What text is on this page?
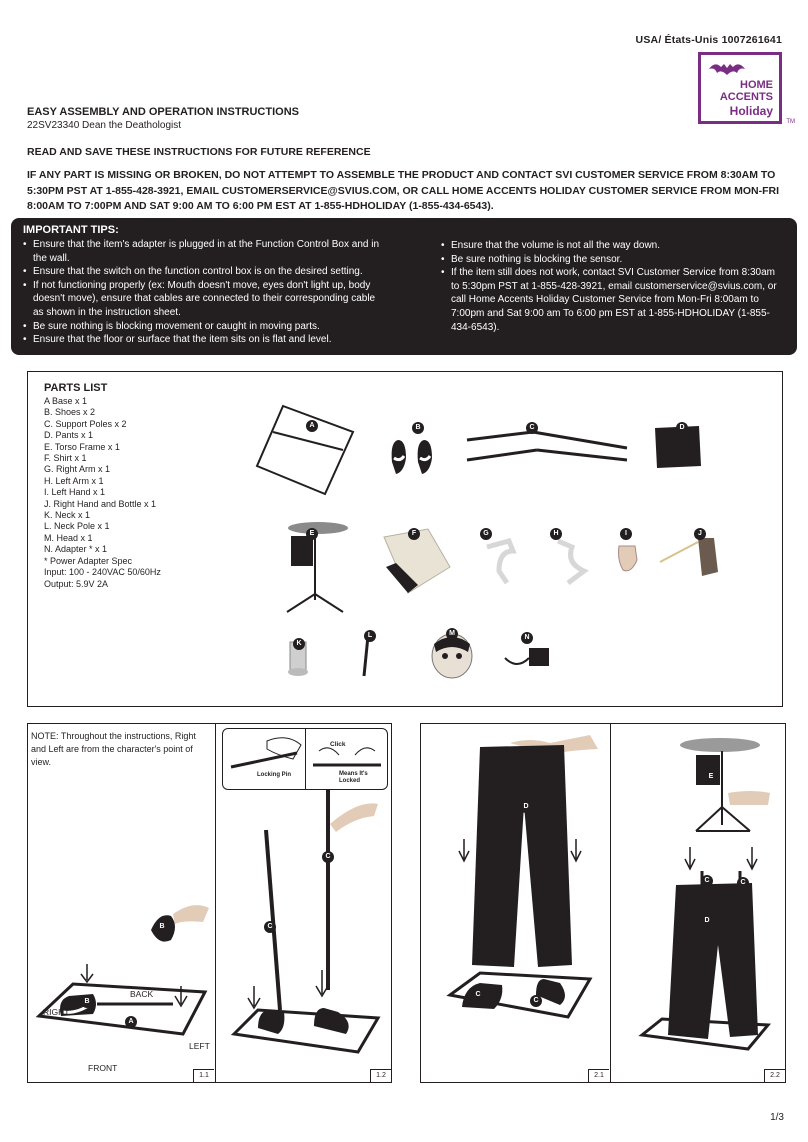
USA/ États-Unis 1007261641
HOME
ACCENTS
Holiday
TM
EASY ASSEMBLY AND OPERATION INSTRUCTIONS
22SV23340 Dean the Deathologist
READ AND SAVE THESE INSTRUCTIONS FOR FUTURE REFERENCE
IF ANY PART IS MISSING OR BROKEN, DO NOT ATTEMPT TO ASSEMBLE THE PRODUCT AND CONTACT SVI CUSTOMER SERVICE FROM 8:30AM TO 5:30PM PST AT 1-855-428-3921, EMAIL CUSTOMERSERVICE@SVIUS.COM, OR CALL HOME ACCENTS HOLIDAY CUSTOMER SERVICE FROM MON-FRI 8:00AM TO 7:00PM AND SAT 9:00 AM TO 6:00 PM EST AT 1-855-HDHOLIDAY (1-855-434-6543).
IMPORTANT TIPS:
• Ensure that the item's adapter is plugged in at the Function Control Box and in the wall.
• Ensure that the switch on the function control box is on the desired setting.
• If not functioning properly (ex: Mouth doesn't move, eyes don't light up, body doesn't move), ensure that cables are connected to their corresponding cable as shown in the instruction sheet.
• Be sure nothing is blocking movement or caught in moving parts.
• Ensure that the floor or surface that the item sits on is flat and level.
• Ensure that the volume is not all the way down.
• Be sure nothing is blocking the sensor.
• If the item still does not work, contact SVI Customer Service from 8:30am to 5:30pm PST at 1-855-428-3921, email customerservice@svius.com, or call Home Accents Holiday Customer Service from Mon-Fri 8:00am to 7:00pm and Sat 9:00 am To 6:00 pm EST at 1-855-HDHOLIDAY (1-855-434-6543).
PARTS LIST
A Base x 1
B. Shoes x 2
C. Support Poles x 2
D. Pants x 1
E. Torso Frame x 1
F. Shirt x 1
G. Right Arm x 1
H. Left Arm x 1
I. Left Hand x 1
J. Right Hand and Bottle x 1
K. Neck x 1
L. Neck Pole x 1
M. Head x 1
N. Adapter * x 1
* Power Adapter Spec
Input: 100 - 240VAC 50/60Hz
Output: 5.9V 2A
A	B	C	D
E	F	G	H	I	J
K
L	M
N
1.1	1.2
NOTE: Throughout the instructions, Right and Left are from the character's point of view.
B
B
A
BACK
RIGHT
LEFT
FRONT
Click
Locking Pin	Means It's Locked
C
C
2.1	2.2
D
C
C
E
C	C
D
1/3
